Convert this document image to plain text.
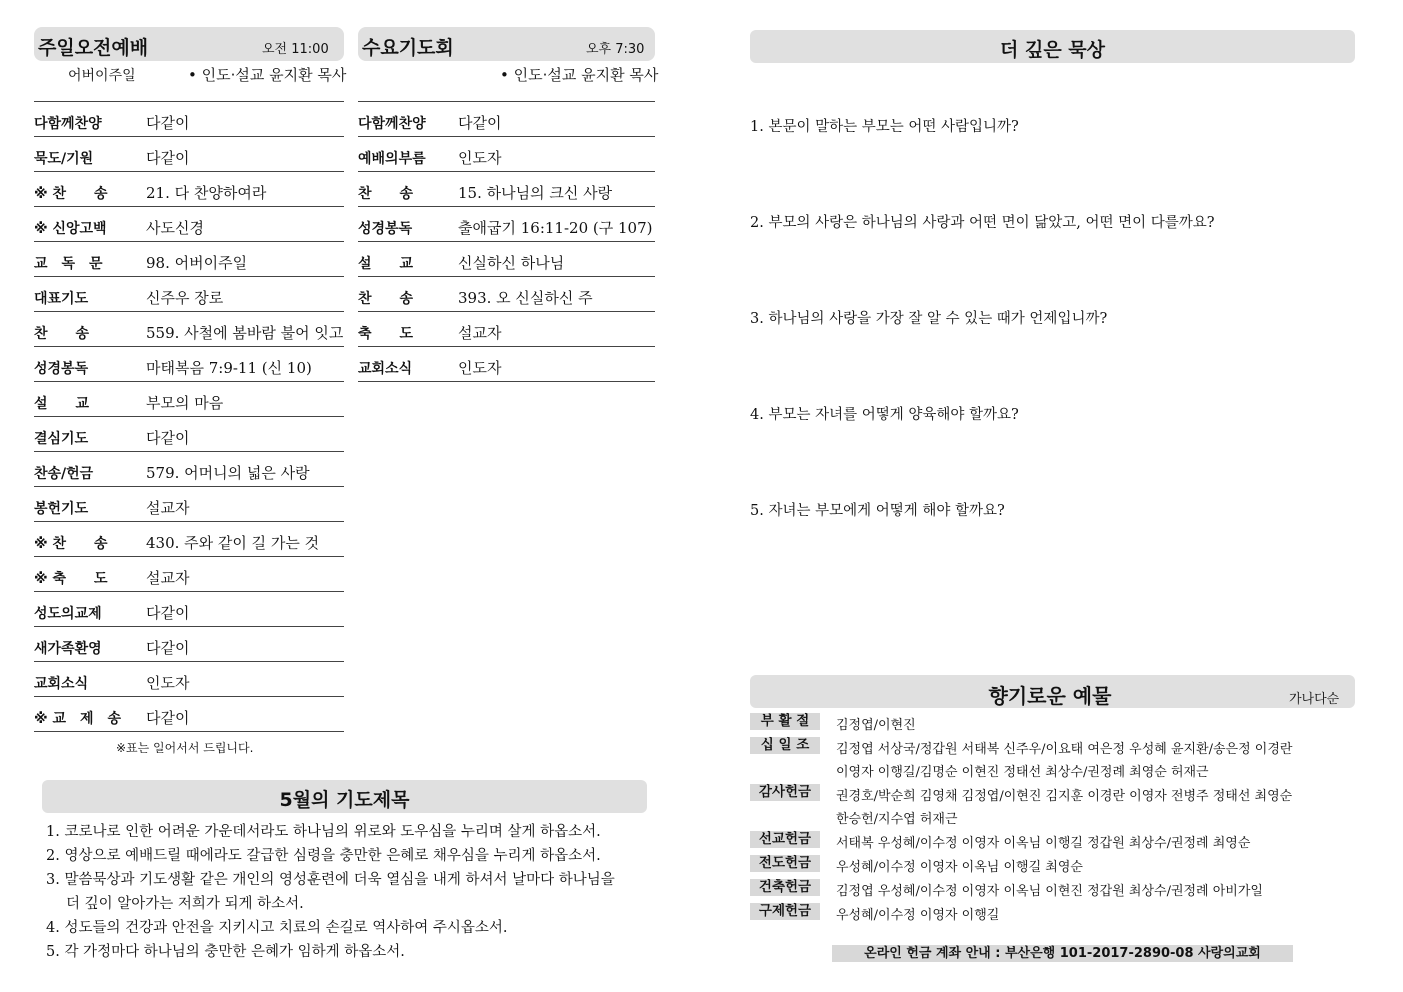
주일오전예배	오전 11:00
어버이주일	• 인도·설교 윤지환 목사
다함께찬양	다같이
묵도/기원	다같이
※ 찬　　송	21. 다 찬양하여라
※ 신앙고백	사도신경
교　독　문	98. 어버이주일
대표기도	신주우 장로
찬　　송	559. 사철에 봄바람 불어 잇고
성경봉독	마태복음 7:9-11 (신 10)
설　　교	부모의 마음
결심기도	다같이
찬송/헌금	579. 어머니의 넓은 사랑
봉헌기도	설교자
※ 찬　　송	430. 주와 같이 길 가는 것
※ 축　　도	설교자
성도의교제	다같이
새가족환영	다같이
교회소식	인도자
※ 교　제　송	다같이
※표는 일어서서 드립니다.
수요기도회	오후 7:30
• 인도·설교 윤지환 목사
다함께찬양	다같이
예배의부름	인도자
찬　　송	15. 하나님의 크신 사랑
성경봉독	출애굽기 16:11-20 (구 107)
설　　교	신실하신 하나님
찬　　송	393. 오 신실하신 주
축　　도	설교자
교회소식	인도자
5월의 기도제목
1. 코로나로 인한 어려운 가운데서라도 하나님의 위로와 도우심을 누리며 살게 하옵소서.
2. 영상으로 예배드릴 때에라도 갈급한 심령을 충만한 은혜로 채우심을 누리게 하옵소서.
3. 말씀묵상과 기도생활 같은 개인의 영성훈련에 더욱 열심을 내게 하셔서 날마다 하나님을
더 깊이 알아가는 저희가 되게 하소서.
4. 성도들의 건강과 안전을 지키시고 치료의 손길로 역사하여 주시옵소서.
5. 각 가정마다 하나님의 충만한 은혜가 임하게 하옵소서.
더 깊은 묵상
1. 본문이 말하는 부모는 어떤 사람입니까?
2. 부모의 사랑은 하나님의 사랑과 어떤 면이 닮았고, 어떤 면이 다를까요?
3. 하나님의 사랑을 가장 잘 알 수 있는 때가 언제입니까?
4. 부모는 자녀를 어떻게 양육해야 할까요?
5. 자녀는 부모에게 어떻게 해야 할까요?
향기로운 예물	가나다순
부 활 절	김정엽/이현진
십 일 조	김정엽 서상국/정갑원 서태복 신주우/이요태 여은정 우성혜 윤지환/송은정 이경란
이영자 이행길/김명순 이현진 정태선 최상수/권정례 최영순 허재근
감사헌금	권경호/박순희 김영채 김정엽/이현진 김지훈 이경란 이영자 전병주 정태선 최영순
한승헌/지수엽 허재근
선교헌금	서태복 우성혜/이수정 이영자 이옥님 이행길 정갑원 최상수/권정례 최영순
전도헌금	우성혜/이수정 이영자 이옥님 이행길 최영순
건축헌금	김정엽 우성혜/이수정 이영자 이옥님 이현진 정갑원 최상수/권정례 아비가일
구제헌금	우성혜/이수정 이영자 이행길
온라인 헌금 계좌 안내 : 부산은행 101-2017-2890-08 사랑의교회
